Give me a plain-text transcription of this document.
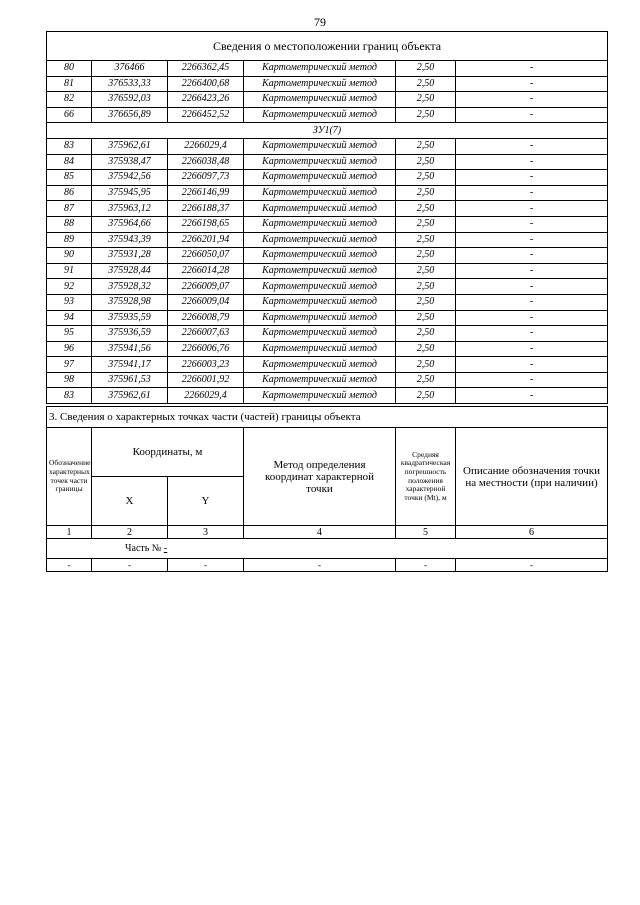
79
Сведения о местоположении границ объекта					
80	376466	2266362,45	Картометрический метод	2,50	-
81	376533,33	2266400,68	Картометрический метод	2,50	-
82	376592,03	2266423,26	Картометрический метод	2,50	-
66	376656,89	2266452,52	Картометрический метод	2,50	-
ЗУ1(7)					
83	375962,61	2266029,4	Картометрический метод	2,50	-
84	375938,47	2266038,48	Картометрический метод	2,50	-
85	375942,56	2266097,73	Картометрический метод	2,50	-
86	375945,95	2266146,99	Картометрический метод	2,50	-
87	375963,12	2266188,37	Картометрический метод	2,50	-
88	375964,66	2266198,65	Картометрический метод	2,50	-
89	375943,39	2266201,94	Картометрический метод	2,50	-
90	375931,28	2266050,07	Картометрический метод	2,50	-
91	375928,44	2266014,28	Картометрический метод	2,50	-
92	375928,32	2266009,07	Картометрический метод	2,50	-
93	375928,98	2266009,04	Картометрический метод	2,50	-
94	375935,59	2266008,79	Картометрический метод	2,50	-
95	375936,59	2266007,63	Картометрический метод	2,50	-
96	375941,56	2266006,76	Картометрический метод	2,50	-
97	375941,17	2266003,23	Картометрический метод	2,50	-
98	375961,53	2266001,92	Картометрический метод	2,50	-
83	375962,61	2266029,4	Картометрический метод	2,50	-
3. Сведения о характерных точках части (частей) границы объекта					

Обозначение характерных точек части границы	Координаты, м		Метод определения координат характерной точки	Средняя квадратическая погрешность положения характерной точки (Mt), м	Описание обозначения точки на местности (при наличии)

	X	Y			
1	2	3	4	5	6
Часть № -					
-	-	-	-	-	-
